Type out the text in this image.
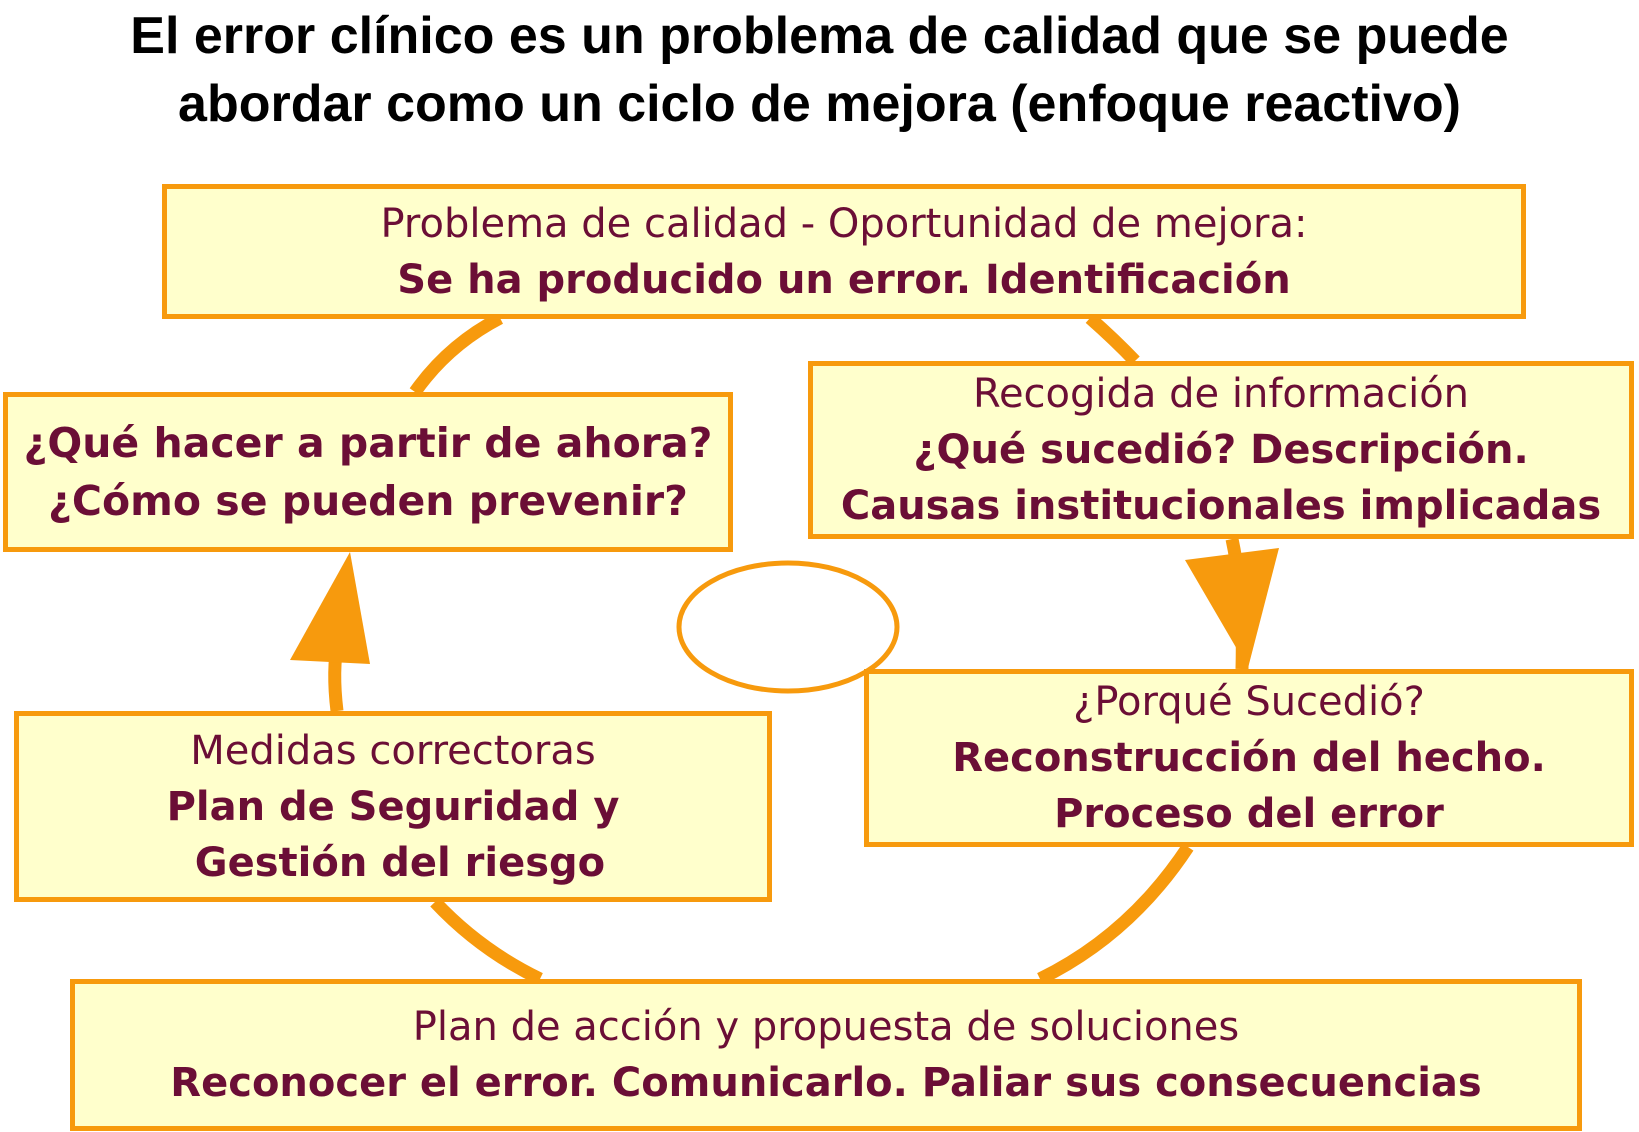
El error clínico es un problema de calidad que se puede
abordar como un ciclo de mejora (enfoque reactivo)
Problema de calidad - Oportunidad de mejora:
Se ha producido un error. Identificación
Recogida de información
¿Qué sucedió? Descripción.
Causas institucionales implicadas
¿Porqué Sucedió?
Reconstrucción del hecho.
Proceso del error
Plan de acción y propuesta de soluciones
Reconocer el error. Comunicarlo. Paliar sus consecuencias
Medidas correctoras
Plan de Seguridad y
Gestión del riesgo
¿Qué hacer a partir de ahora?
¿Cómo se pueden prevenir?
